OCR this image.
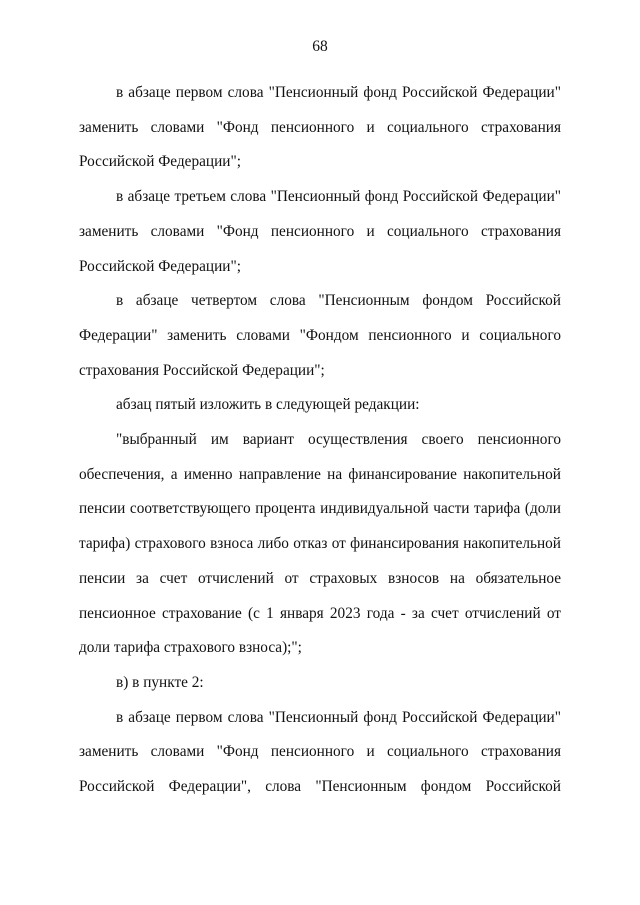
68

в абзаце первом слова "Пенсионный фонд Российской Федерации" заменить словами "Фонд пенсионного и социального страхования Российской Федерации";

в абзаце третьем слова "Пенсионный фонд Российской Федерации" заменить словами "Фонд пенсионного и социального страхования Российской Федерации";

в абзаце четвертом слова "Пенсионным фондом Российской Федерации" заменить словами "Фондом пенсионного и социального страхования Российской Федерации";

абзац пятый изложить в следующей редакции:

"выбранный им вариант осуществления своего пенсионного обеспечения, а именно направление на финансирование накопительной пенсии соответствующего процента индивидуальной части тарифа (доли тарифа) страхового взноса либо отказ от финансирования накопительной пенсии за счет отчислений от страховых взносов на обязательное пенсионное страхование (с 1 января 2023 года - за счет отчислений от доли тарифа страхового взноса);";

в) в пункте 2:

в абзаце первом слова "Пенсионный фонд Российской Федерации" заменить словами "Фонд пенсионного и социального страхования Российской Федерации", слова "Пенсионным фондом Российской
